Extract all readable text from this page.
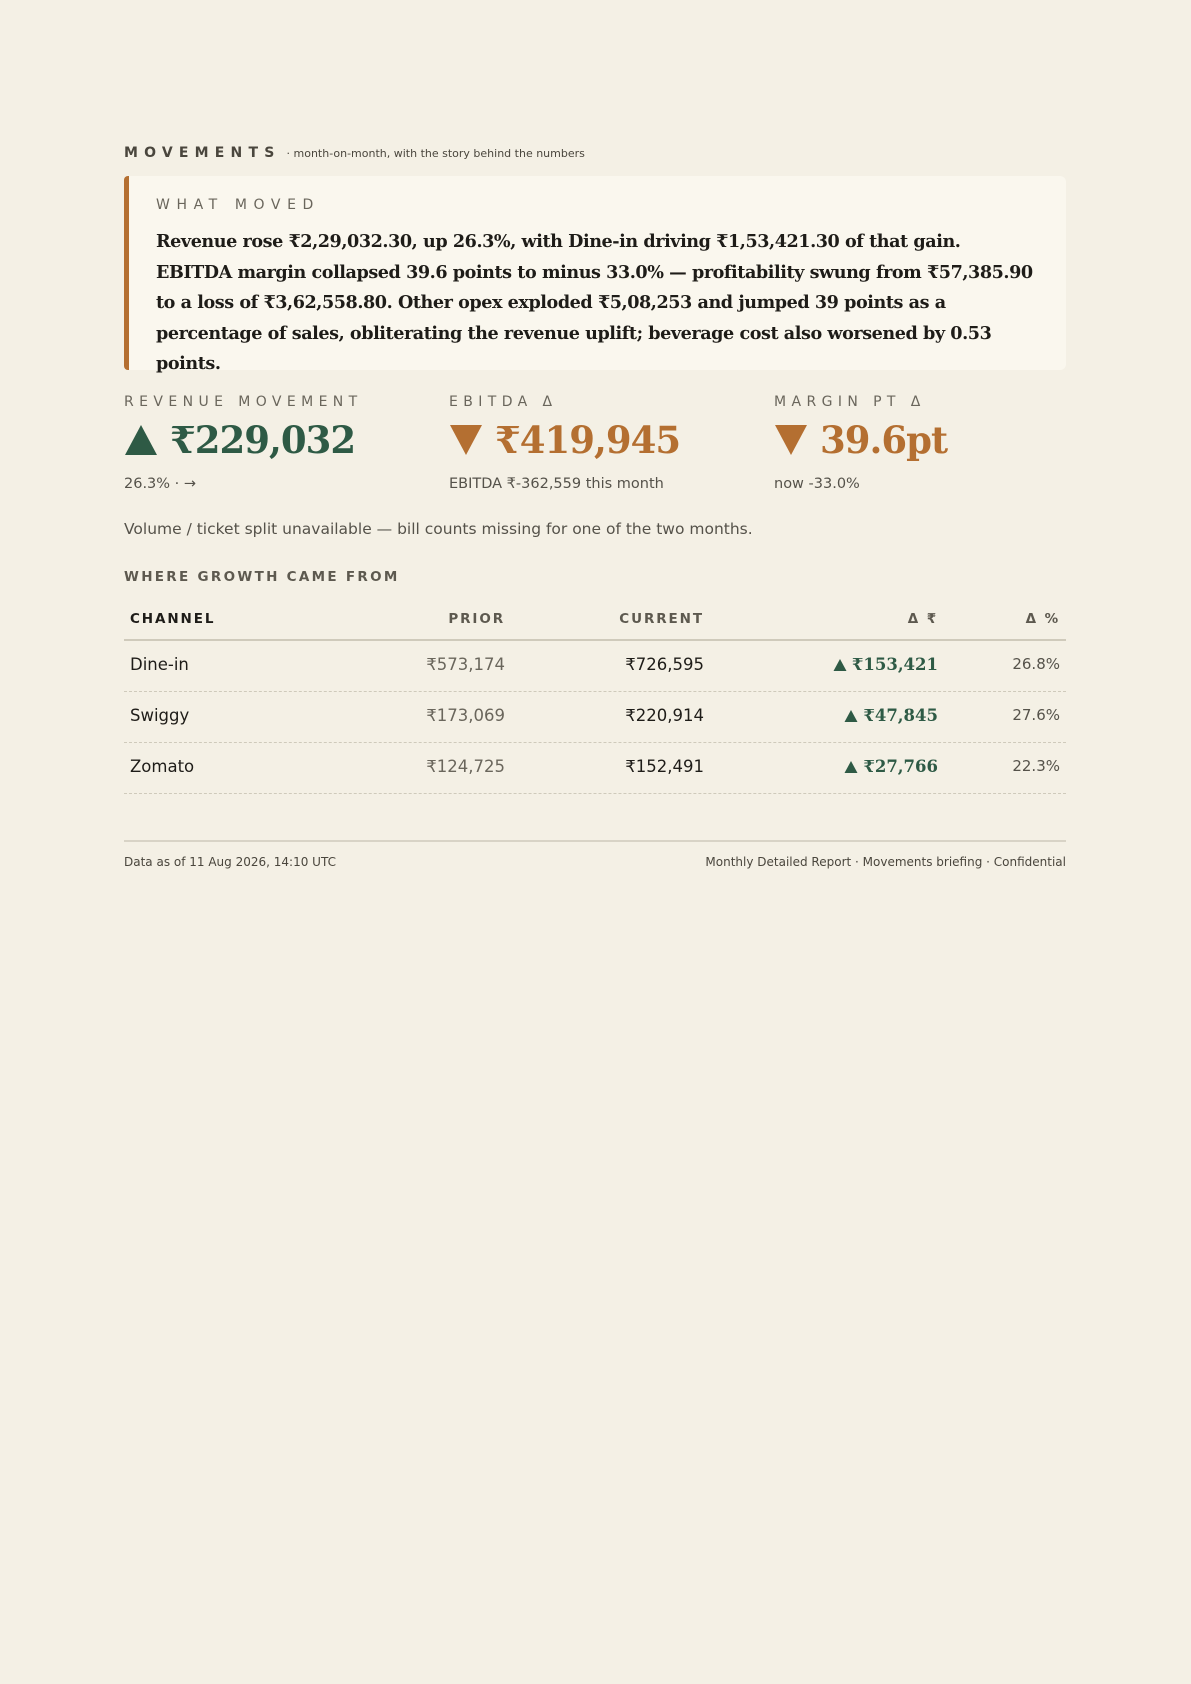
MOVEMENTS · month-on-month, with the story behind the numbers
WHAT MOVED
Revenue rose ₹2,29,032.30, up 26.3%, with Dine-in driving ₹1,53,421.30 of that gain. EBITDA margin collapsed 39.6 points to minus 33.0% — profitability swung from ₹57,385.90 to a loss of ₹3,62,558.80. Other opex exploded ₹5,08,253 and jumped 39 points as a percentage of sales, obliterating the revenue uplift; beverage cost also worsened by 0.53 points.
REVENUE MOVEMENT
₹229,032
26.3% · →
EBITDA Δ
₹419,945
EBITDA ₹-362,559 this month
MARGIN PT Δ
39.6pt
now -33.0%
Volume / ticket split unavailable — bill counts missing for one of the two months.
WHERE GROWTH CAME FROM
CHANNEL	PRIOR	CURRENT	Δ ₹	Δ %
Dine-in	₹573,174	₹726,595	₹153,421	26.8%
Swiggy	₹173,069	₹220,914	₹47,845	27.6%
Zomato	₹124,725	₹152,491	₹27,766	22.3%
Data as of 11 Aug 2026, 14:10 UTC	Monthly Detailed Report · Movements briefing · Confidential
